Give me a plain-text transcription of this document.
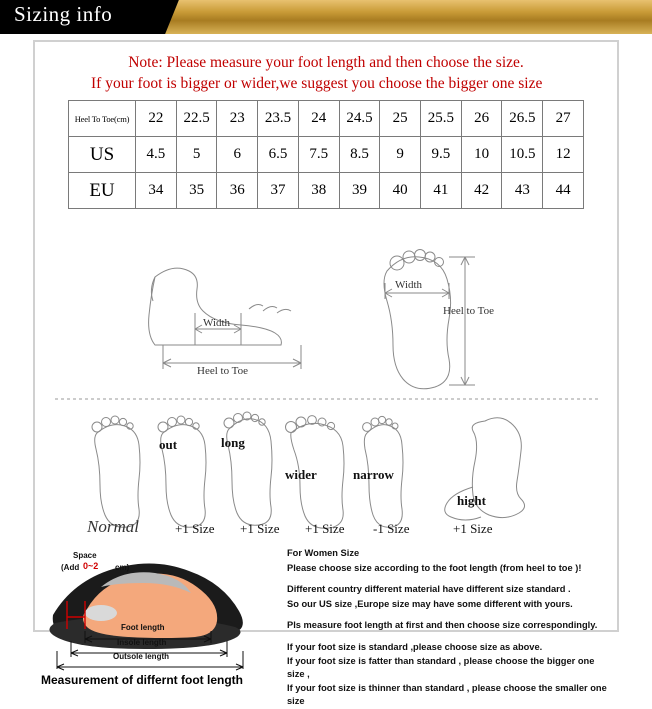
Sizing info
Note: Please measure your foot length and then choose the size.
If your foot is bigger or wider,we suggest you choose the bigger one size
Heel To Toe(cm)	22	22.5	23	23.5	24	24.5	25	25.5	26	26.5	27
US	4.5	5	6	6.5	7.5	8.5	9	9.5	10	10.5	12
EU	34	35	36	37	38	39	40	41	42	43	44
Width
Heel to Toe
Width
Heel to Toe
out	long
wider	narrow
hight
Normal	+1 Size +1 Size +1 Size -1 Size	+1 Size
Space
(Add 0~2 cm)
Foot length
Insole length
Outsole length

For Women Size

Please choose size according to the foot length (from heel to toe )!

Different country different material have different size standard .

So our US size ,Europe size may have some different with yours.

Pls measure foot length at first and then choose size correspondingly.

If your foot size is standard ,please choose size as above.

If your foot size is fatter than standard , please choose the bigger one size ,

If your foot size is thinner than standard , please choose the smaller one size

Measurement of differnt foot length
